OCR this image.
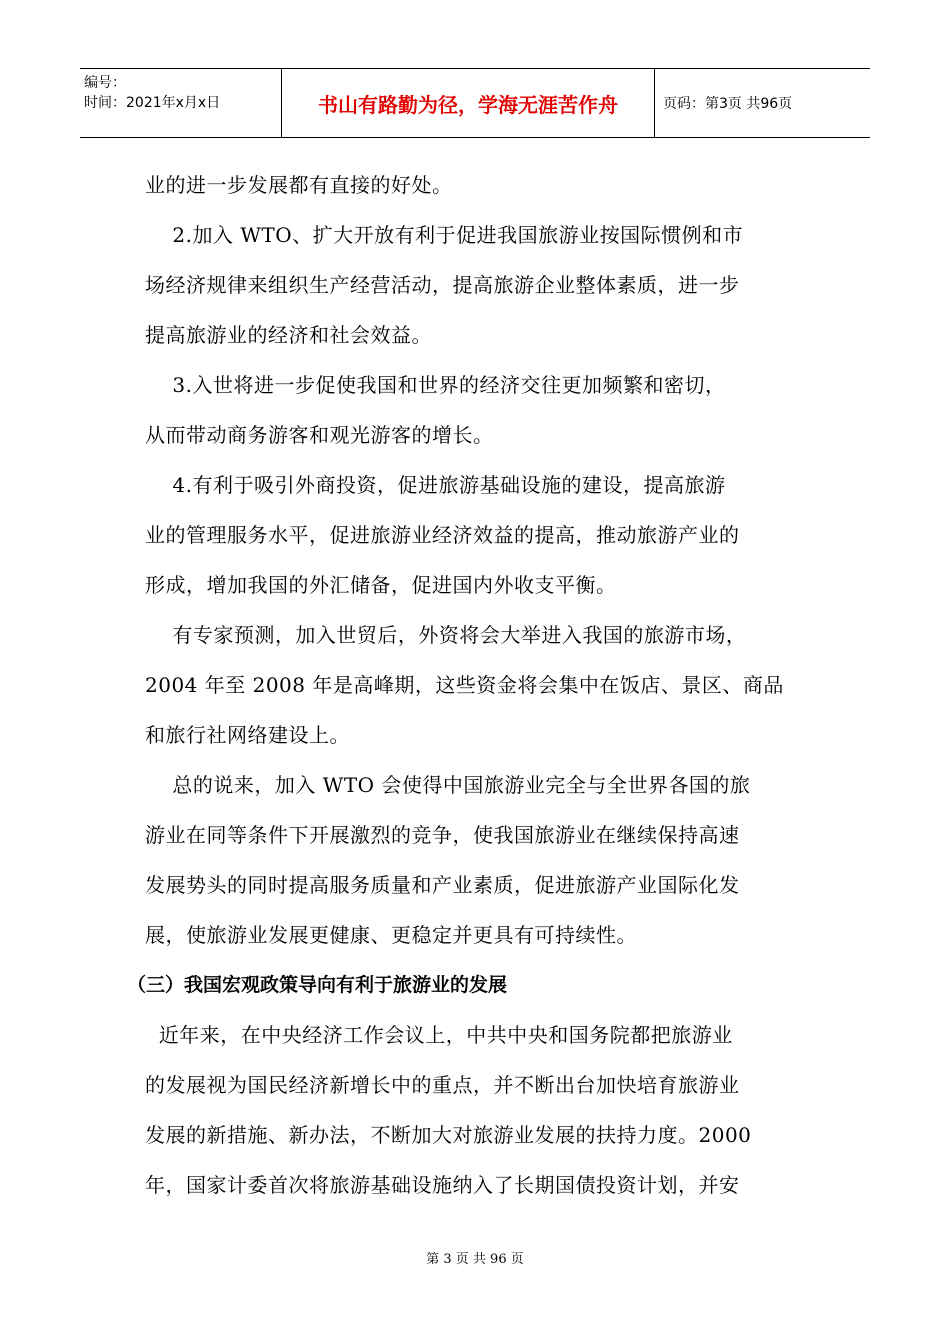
编号：
时间：2021年x月x日	书山有路勤为径，学海无涯苦作舟	页码：第3页 共96页

业的进一步发展都有直接的好处。

2.加入 WTO、扩大开放有利于促进我国旅游业按国际惯例和市

场经济规律来组织生产经营活动，提高旅游企业整体素质，进一步

提高旅游业的经济和社会效益。

3.入世将进一步促使我国和世界的经济交往更加频繁和密切，

从而带动商务游客和观光游客的增长。

4.有利于吸引外商投资，促进旅游基础设施的建设，提高旅游

业的管理服务水平，促进旅游业经济效益的提高，推动旅游产业的

形成，增加我国的外汇储备，促进国内外收支平衡。

有专家预测，加入世贸后，外资将会大举进入我国的旅游市场，

2004 年至 2008 年是高峰期，这些资金将会集中在饭店、景区、商品

和旅行社网络建设上。

总的说来，加入 WTO 会使得中国旅游业完全与全世界各国的旅

游业在同等条件下开展激烈的竞争，使我国旅游业在继续保持高速

发展势头的同时提高服务质量和产业素质，促进旅游产业国际化发

展，使旅游业发展更健康、更稳定并更具有可持续性。

（三）我国宏观政策导向有利于旅游业的发展

近年来，在中央经济工作会议上，中共中央和国务院都把旅游业

的发展视为国民经济新增长中的重点，并不断出台加快培育旅游业

发展的新措施、新办法，不断加大对旅游业发展的扶持力度。2000

年，国家计委首次将旅游基础设施纳入了长期国债投资计划，并安

第 3 页 共 96 页
